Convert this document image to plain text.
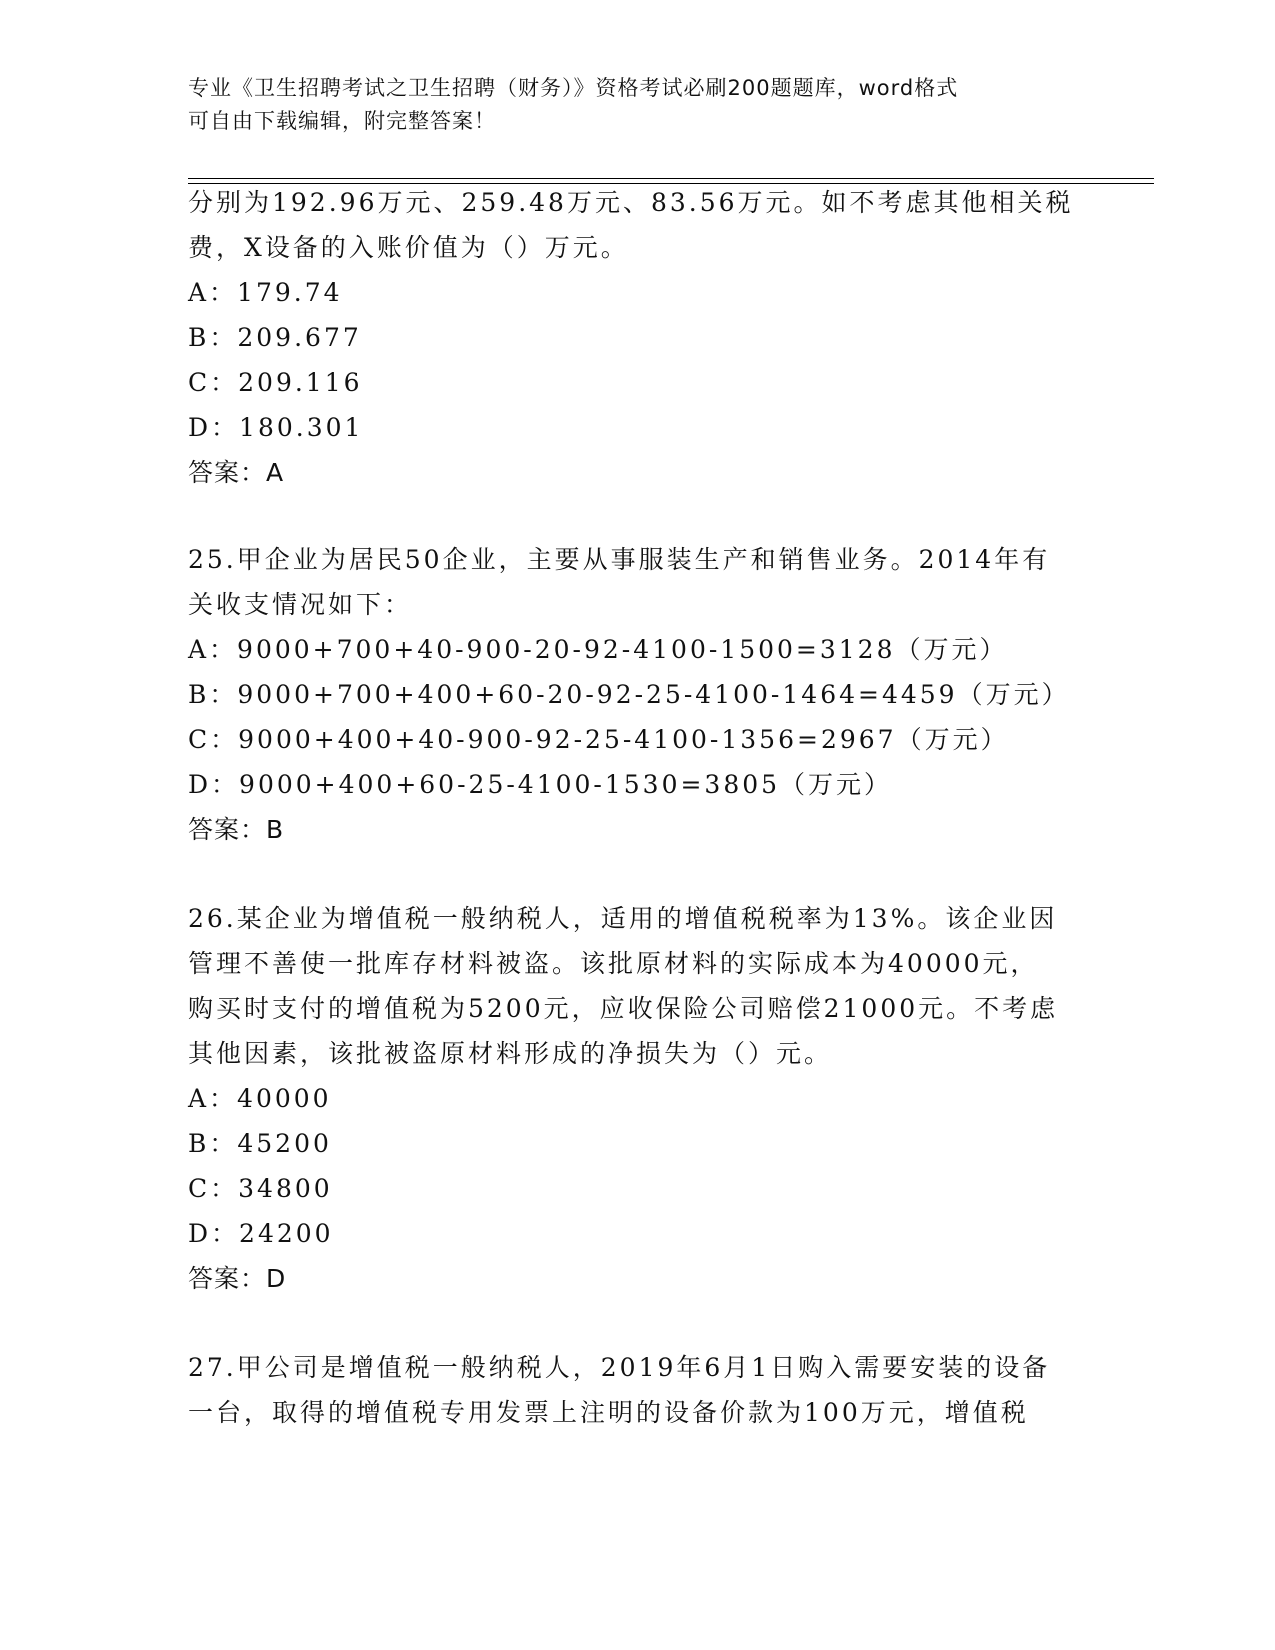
专业《卫生招聘考试之卫生招聘（财务）》资格考试必刷200题题库，word格式
可自由下载编辑，附完整答案！
分别为192.96万元、259.48万元、83.56万元。如不考虑其他相关税
费，X设备的入账价值为（）万元。
A：179.74
B：209.677
C：209.116
D：180.301
答案：A
25.甲企业为居民50企业，主要从事服装生产和销售业务。2014年有
关收支情况如下：
A：9000+700+40-900-20-92-4100-1500=3128（万元）
B：9000+700+400+60-20-92-25-4100-1464=4459（万元）
C：9000+400+40-900-92-25-4100-1356=2967（万元）
D：9000+400+60-25-4100-1530=3805（万元）
答案：B
26.某企业为增值税一般纳税人，适用的增值税税率为13%。该企业因
管理不善使一批库存材料被盗。该批原材料的实际成本为40000元，
购买时支付的增值税为5200元，应收保险公司赔偿21000元。不考虑
其他因素，该批被盗原材料形成的净损失为（）元。
A：40000
B：45200
C：34800
D：24200
答案：D
27.甲公司是增值税一般纳税人，2019年6月1日购入需要安装的设备
一台，取得的增值税专用发票上注明的设备价款为100万元，增值税
